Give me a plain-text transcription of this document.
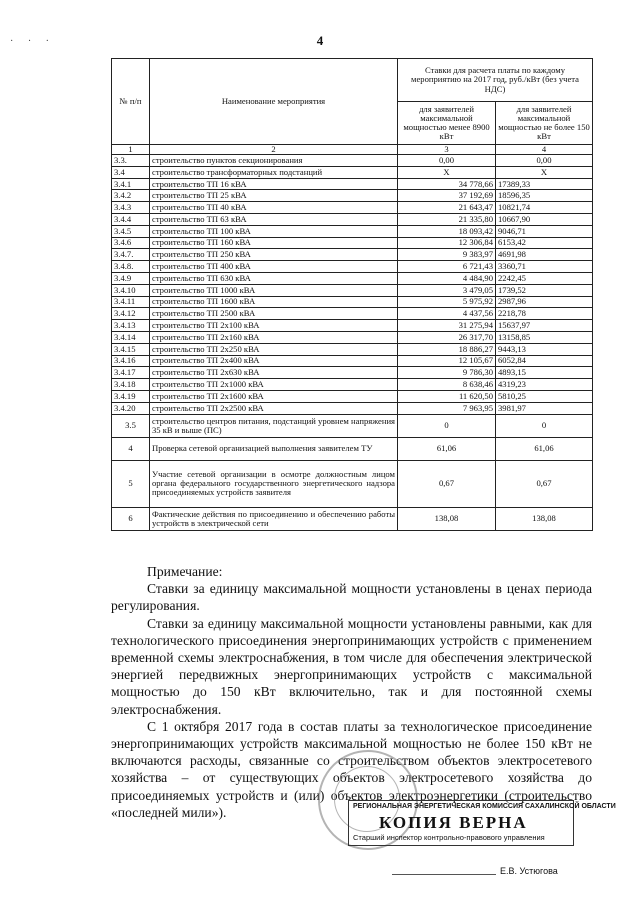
· · ·	4
№ п/п	Наименование мероприятия	Ставки для расчета платы по каждому мероприятию на 2017 год, руб./кВт (без учета НДС)	
		для заявителей максимальной мощностью менее 8900 кВт	для заявителей максимальной мощностью не более 150 кВт
1	2	3	4
3.3.	строительство пунктов секционирования	0,00	0,00
3.4	строительство трансформаторных подстанций	X	X
3.4.1	строительство ТП 16 кВА	34 778,66	17389,33
3.4.2	строительство ТП 25 кВА	37 192,69	18596,35
3.4.3	строительство ТП 40 кВА	21 643,47	10821,74
3.4.4	строительство ТП 63 кВА	21 335,80	10667,90
3.4.5	строительство ТП 100 кВА	18 093,42	9046,71
3.4.6	строительство ТП 160 кВА	12 306,84	6153,42
3.4.7.	строительство ТП 250 кВА	9 383,97	4691,98
3.4.8.	строительство ТП 400 кВА	6 721,43	3360,71
3.4.9	строительство ТП 630 кВА	4 484,90	2242,45
3.4.10	строительство ТП 1000 кВА	3 479,05	1739,52
3.4.11	строительство ТП 1600 кВА	5 975,92	2987,96
3.4.12	строительство ТП 2500 кВА	4 437,56	2218,78
3.4.13	строительство ТП 2х100 кВА	31 275,94	15637,97
3.4.14	строительство ТП 2х160 кВА	26 317,70	13158,85
3.4.15	строительство ТП 2х250 кВА	18 886,27	9443,13
3.4.16	строительство ТП 2х400 кВА	12 105,67	6052,84
3.4.17	строительство ТП 2х630 кВА	9 786,30	4893,15
3.4.18	строительство ТП 2х1000 кВА	8 638,46	4319,23
3.4.19	строительство ТП 2х1600 кВА	11 620,50	5810,25
3.4.20	строительство ТП 2х2500 кВА	7 963,95	3981,97
3.5	строительство центров питания, подстанций уровнем напряжения 35 кВ и выше (ПС)	0	0
4	Проверка сетевой организацией выполнения заявителем ТУ	61,06	61,06
5	Участие сетевой организации в осмотре должностным лицом органа федерального государственного энергетического надзора присоединяемых устройств заявителя	0,67	0,67
6	Фактические действия по присоединению и обеспечению работы устройств в электрической сети	138,08	138,08

Примечание:

Ставки за единицу максимальной мощности установлены в ценах периода регулирования.

Ставки за единицу максимальной мощности установлены равными, как для технологического присоединения энергопринимающих устройств с применением временной схемы электроснабжения, в том числе для обеспечения электрической энергией передвижных энергопринимающих устройств с максимальной мощностью до 150 кВт включительно, так и для постоянной схемы электроснабжения.

С 1 октября 2017 года в состав платы за технологическое присоединение энергопринимающих устройств максимальной мощностью не более 150 кВт не включаются расходы, связанные со строительством объектов электросетевого хозяйства – от существующих объектов электросетевого хозяйства до присоединяемых устройств и (или) объектов электроэнергетики (строительство «последней мили»).	РЕГИОНАЛЬНАЯ ЭНЕРГЕТИЧЕСКАЯ КОМИССИЯ САХАЛИНСКОЙ ОБЛАСТИ
КОПИЯ ВЕРНА
Старший инспектор контрольно-правового управления
Е.В. Устюгова
